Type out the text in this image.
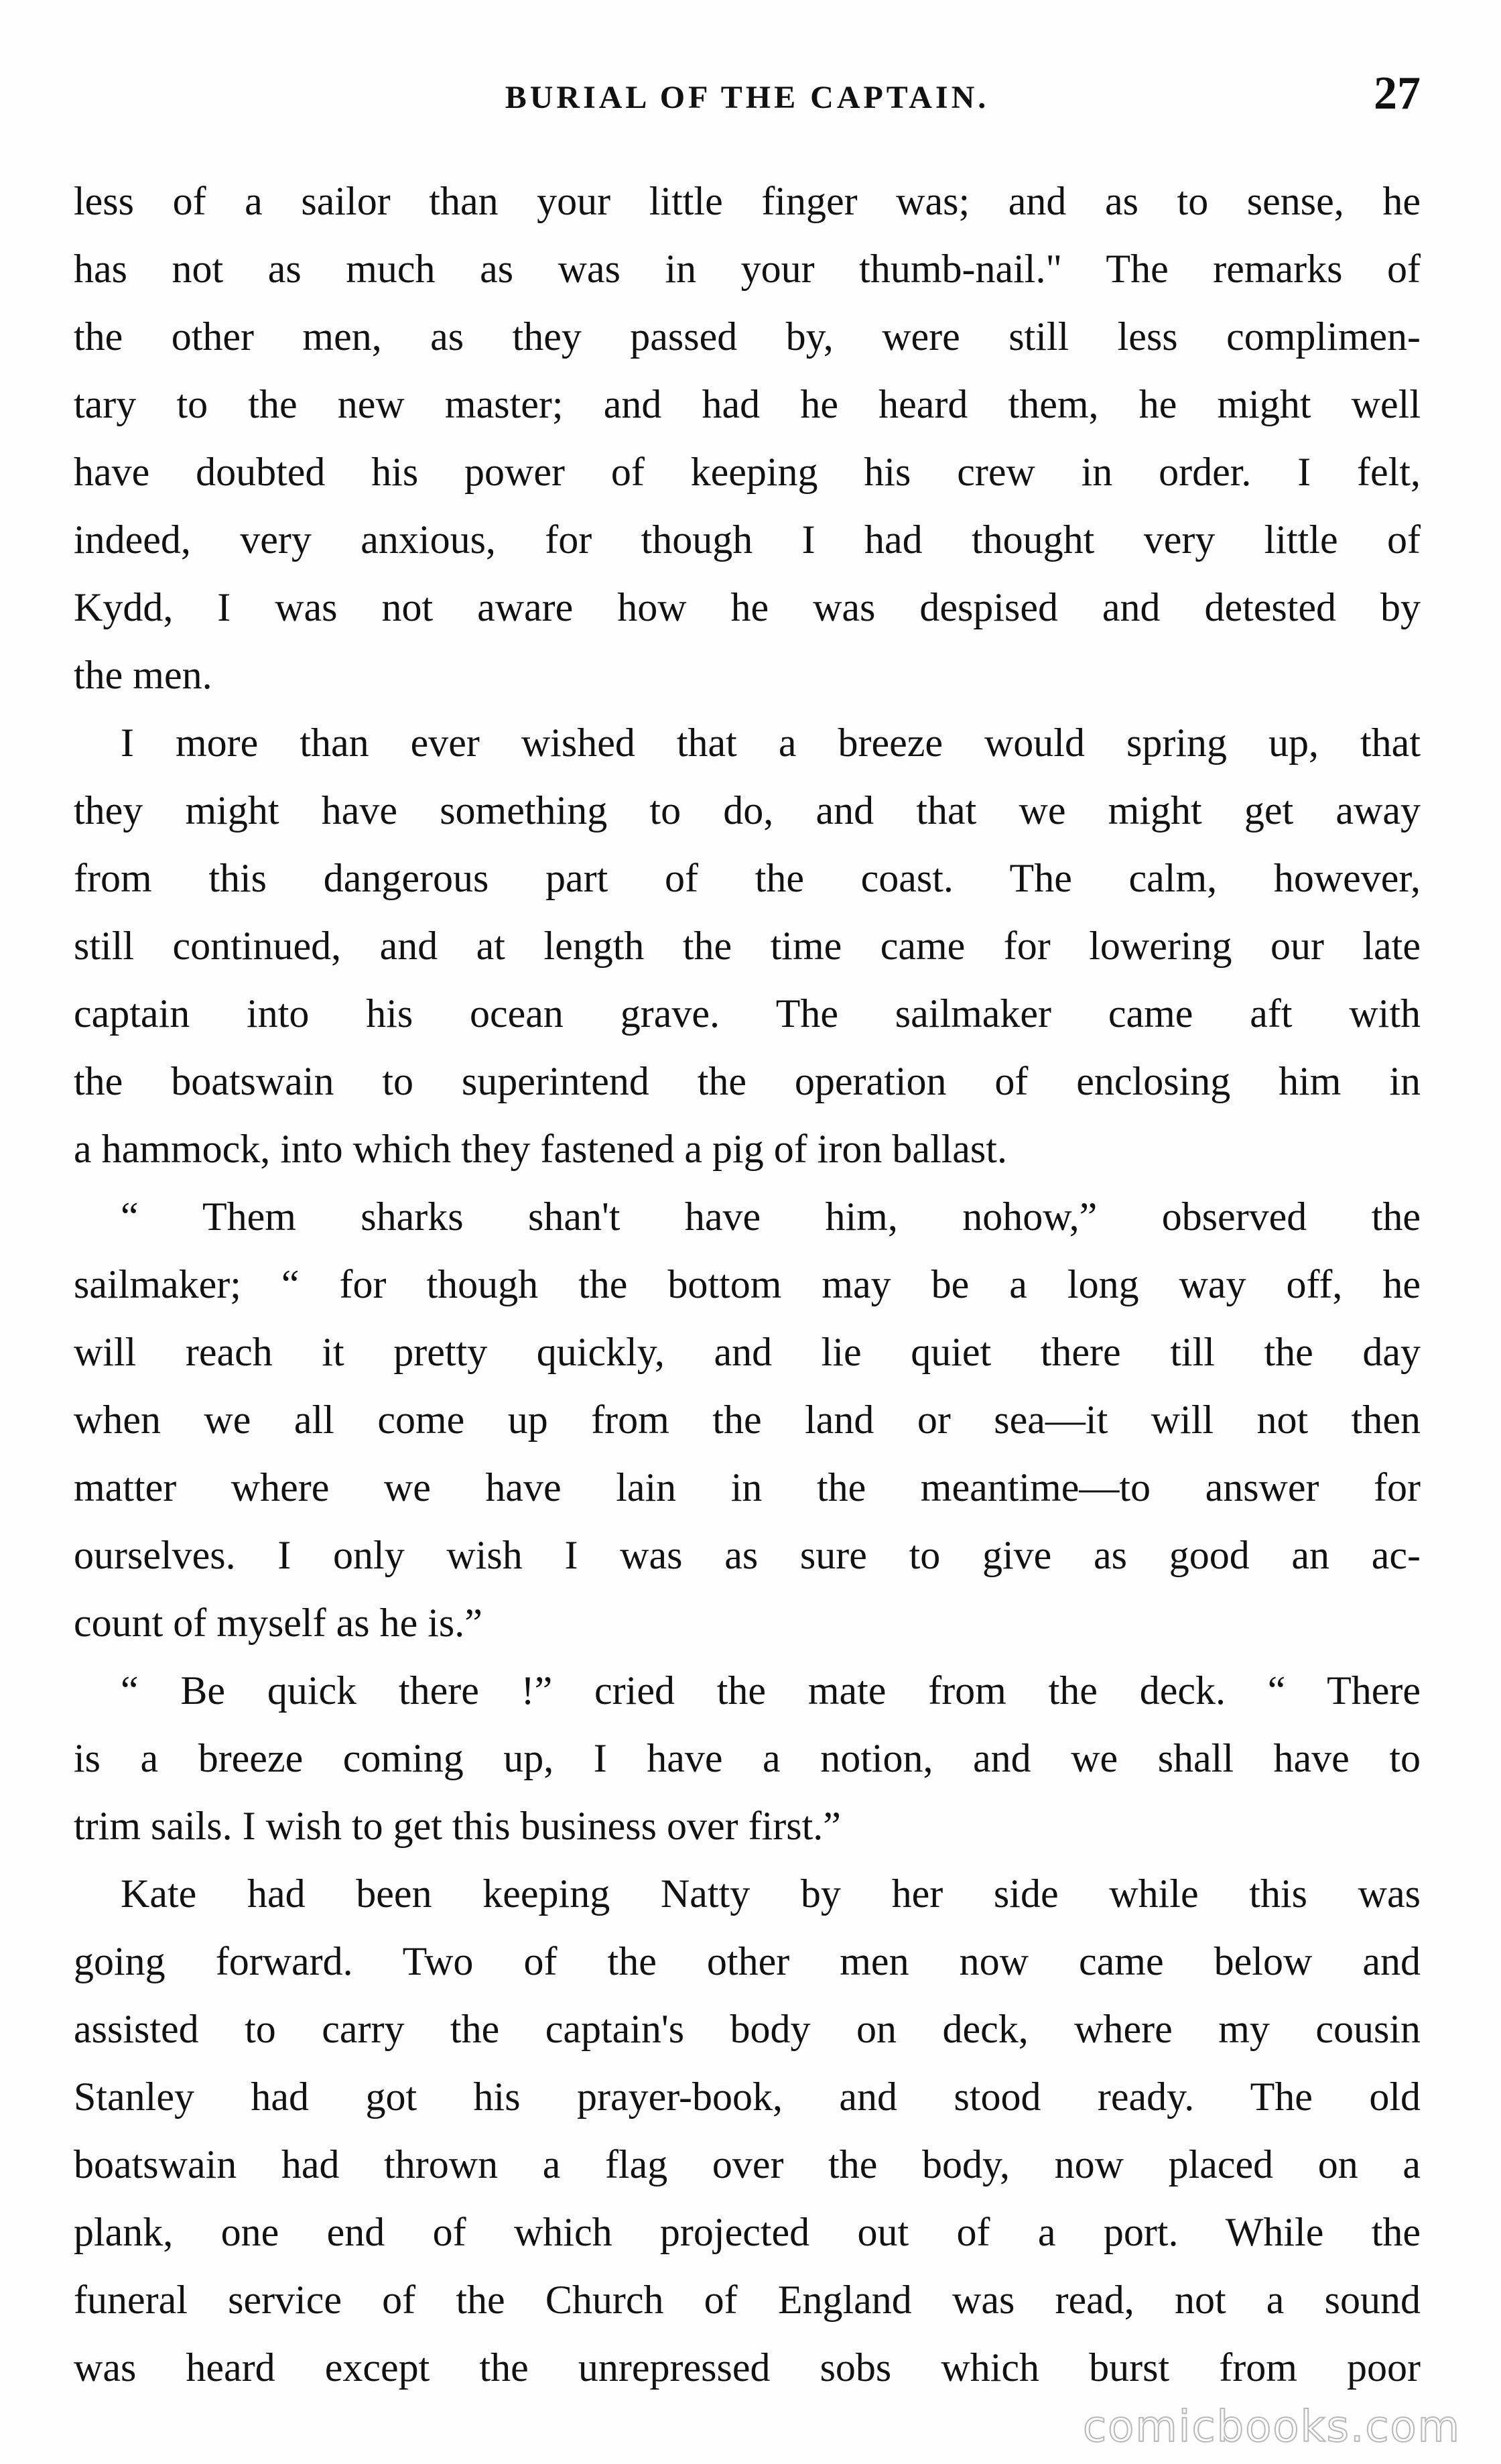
BURIAL OF THE CAPTAIN.	27
less of a sailor than your little finger was; and as to sense, he
has not as much as was in your thumb-nail." The remarks of
the other men, as they passed by, were still less complimen-
tary to the new master; and had he heard them, he might well
have doubted his power of keeping his crew in order. I felt,
indeed, very anxious, for though I had thought very little of
Kydd, I was not aware how he was despised and detested by
the men.
I more than ever wished that a breeze would spring up, that
they might have something to do, and that we might get away
from this dangerous part of the coast. The calm, however,
still continued, and at length the time came for lowering our late
captain into his ocean grave. The sailmaker came aft with
the boatswain to superintend the operation of enclosing him in
a hammock, into which they fastened a pig of iron ballast.
“ Them sharks shan't have him, nohow,” observed the
sailmaker; “ for though the bottom may be a long way off, he
will reach it pretty quickly, and lie quiet there till the day
when we all come up from the land or sea—it will not then
matter where we have lain in the meantime—to answer for
ourselves. I only wish I was as sure to give as good an ac-
count of myself as he is.”
“ Be quick there !” cried the mate from the deck. “ There
is a breeze coming up, I have a notion, and we shall have to
trim sails. I wish to get this business over first.”
Kate had been keeping Natty by her side while this was
going forward. Two of the other men now came below and
assisted to carry the captain's body on deck, where my cousin
Stanley had got his prayer-book, and stood ready. The old
boatswain had thrown a flag over the body, now placed on a
plank, one end of which projected out of a port. While the
funeral service of the Church of England was read, not a sound
was heard except the unrepressed sobs which burst from poor
comicbooks.com
